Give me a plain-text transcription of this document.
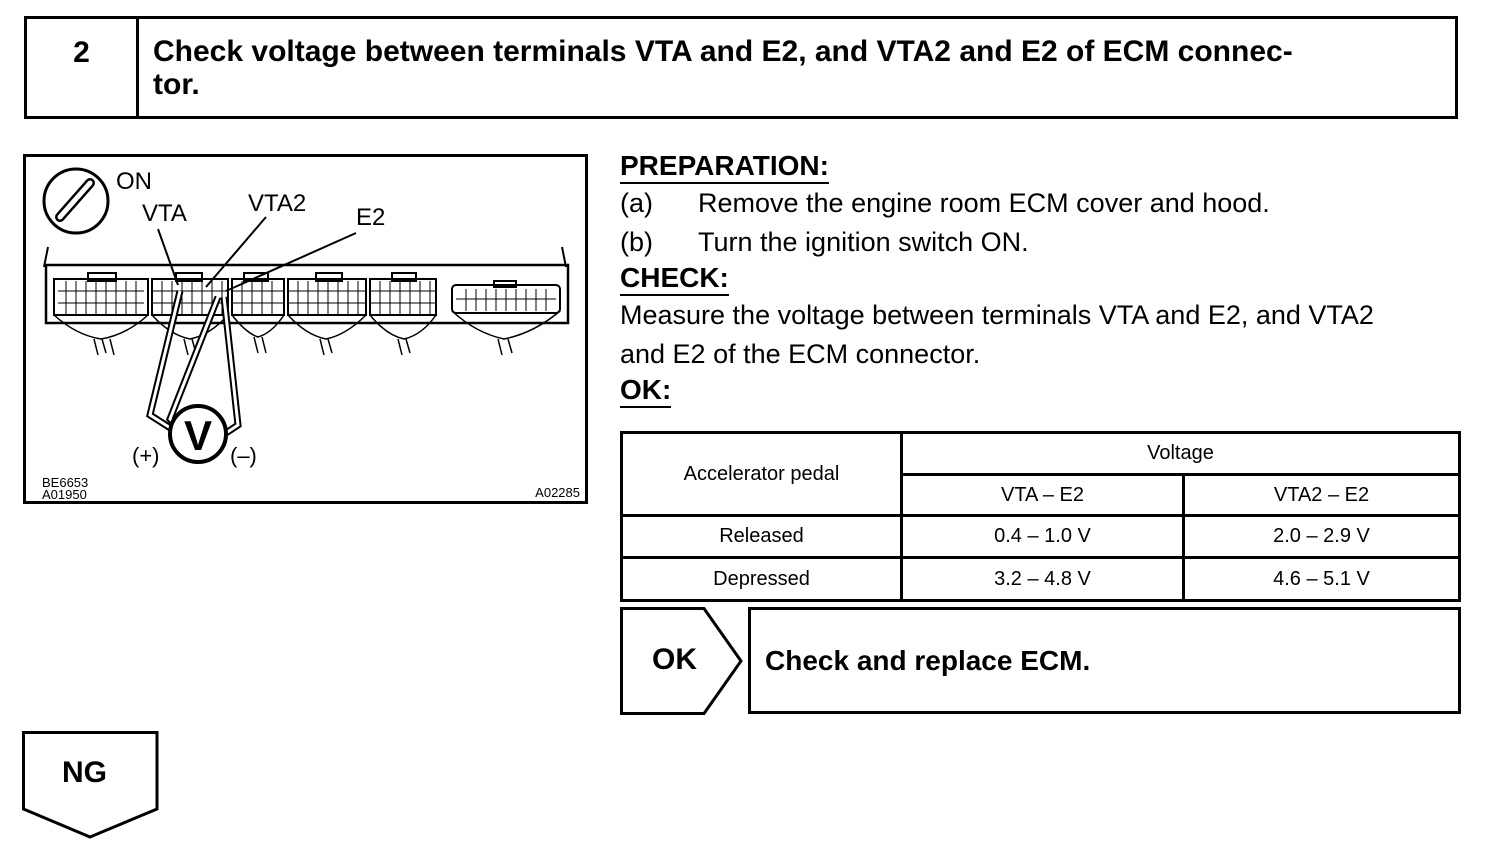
2	Check voltage between terminals VTA and E2, and VTA2 and E2 of ECM connec-
tor.
ON
VTA	VTA2
E2
V
(+)	(–)
BE6653
A01950	A02285
PREPARATION:
(a)	Remove the engine room ECM cover and hood.
(b)	Turn the ignition switch ON.
CHECK:
Measure the voltage between terminals VTA and E2, and VTA2
and E2 of the ECM connector.
OK:
Accelerator pedal	Voltage	
	VTA – E2	VTA2 – E2
Released	0.4 – 1.0 V	2.0 – 2.9 V
Depressed	3.2 – 4.8 V	4.6 – 5.1 V
OK Check and replace ECM.
NG
